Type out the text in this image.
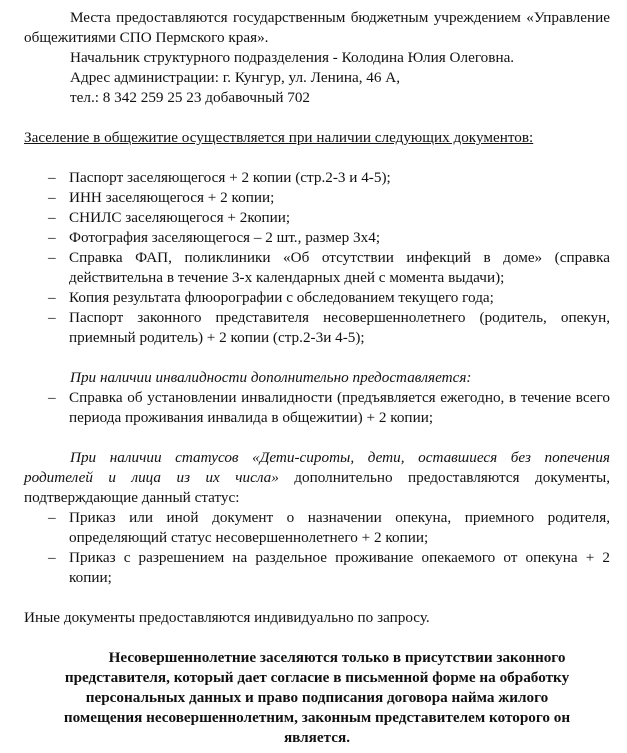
Места предоставляются государственным бюджетным учреждением «Управление общежитиями СПО Пермского края».

Начальник структурного подразделения - Колодина Юлия Олеговна.

Адрес администрации: г. Кунгур, ул. Ленина, 46 А,

тел.: 8 342 259 25 23 добавочный 702

Заселение в общежитие осуществляется при наличии следующих документов:

– Паспорт заселяющегося + 2 копии (стр.2-3 и 4-5);
– ИНН заселяющегося + 2 копии;
– СНИЛС заселяющегося + 2копии;
– Фотография заселяющегося – 2 шт., размер 3х4;
– Справка ФАП, поликлиники «Об отсутствии инфекций в доме» (справка действительна в течение 3-х календарных дней с момента выдачи);
– Копия результата флюорографии с обследованием текущего года;
– Паспорт законного представителя несовершеннолетнего (родитель, опекун, приемный родитель) + 2 копии (стр.2-3и 4-5);

При наличии инвалидности дополнительно предоставляется:

– Справка об установлении инвалидности (предъявляется ежегодно, в течение всего периода проживания инвалида в общежитии) + 2 копии;

При наличии статусов «Дети-сироты, дети, оставшиеся без попечения родителей и лица из их числа» дополнительно предоставляются документы, подтверждающие данный статус:

– Приказ или иной документ о назначении опекуна, приемного родителя, определяющий статус несовершеннолетнего + 2 копии;
– Приказ с разрешением на раздельное проживание опекаемого от опекуна + 2 копии;

Иные документы предоставляются индивидуально по запросу.

Несовершеннолетние заселяются только в присутствии законного
представителя, который дает согласие в письменной форме на обработку
персональных данных и право подписания договора найма жилого
помещения несовершеннолетним, законным представителем которого он
является.
